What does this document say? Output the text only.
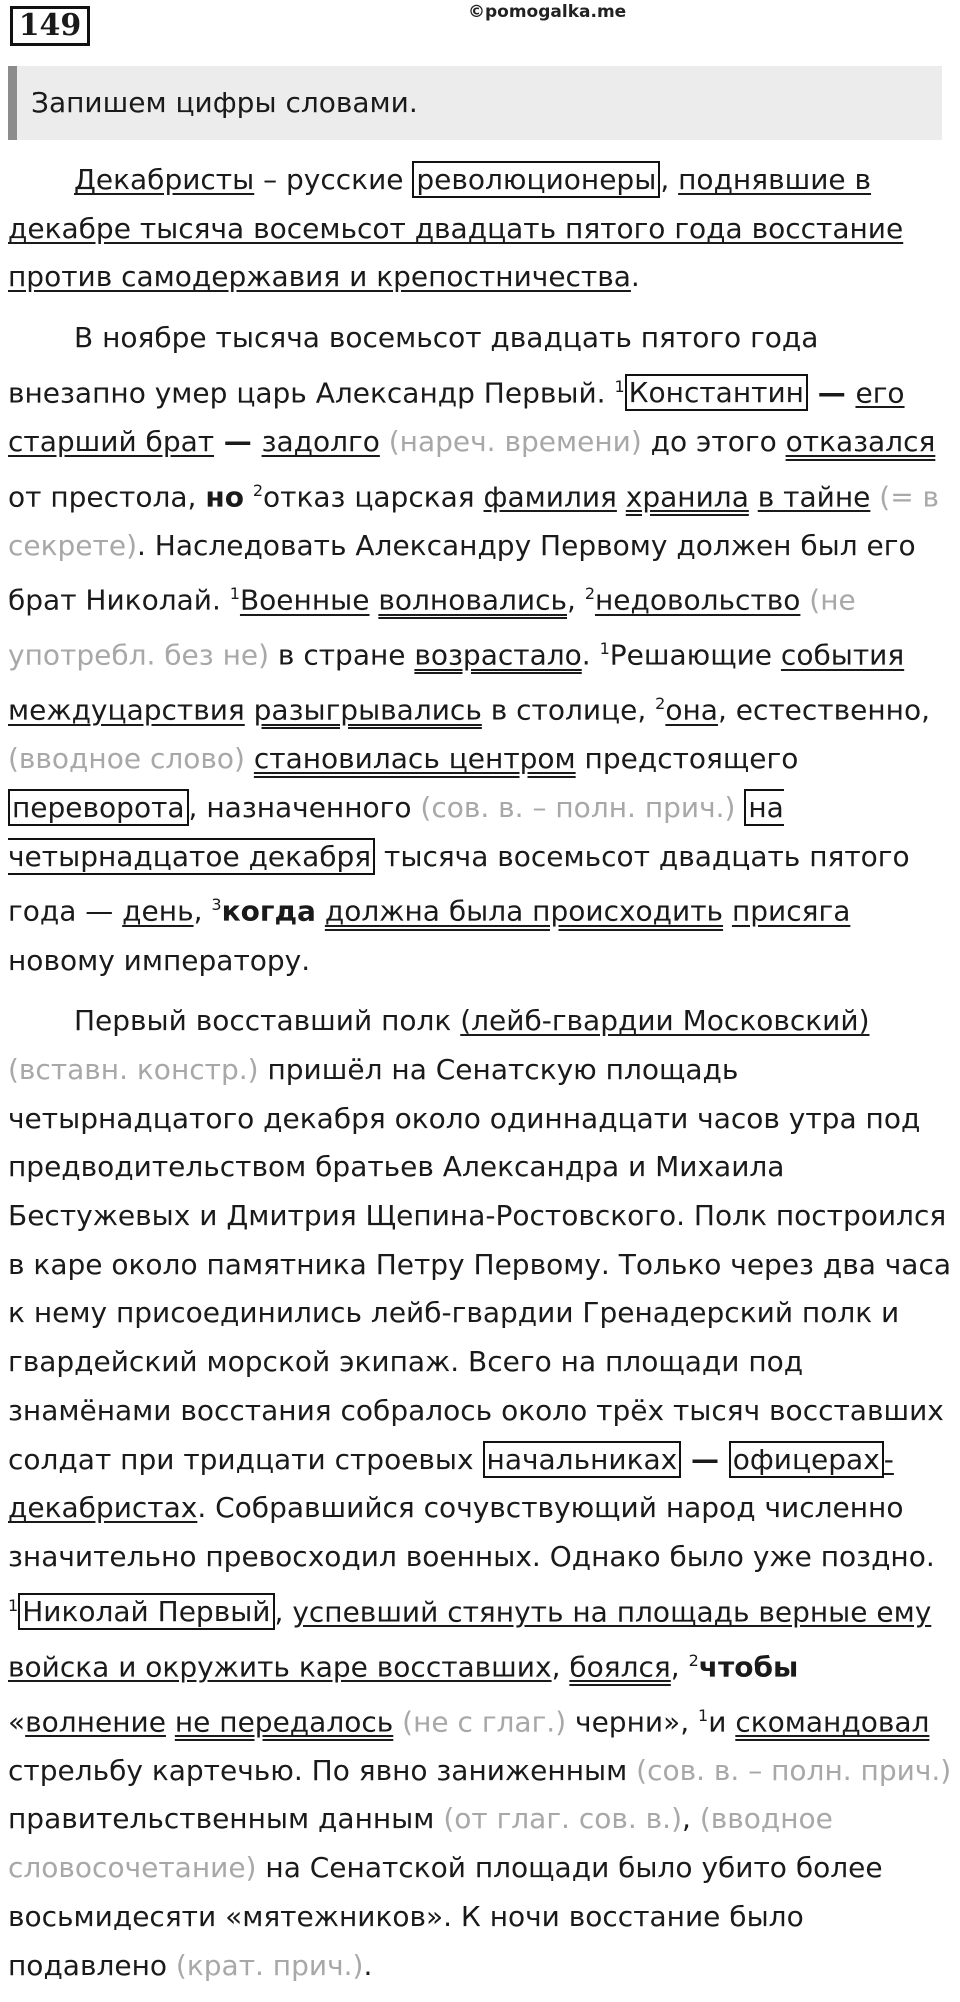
149	©pomogalka.me
Запишем цифры словами.

Декабристы – русские революционеры , поднявшие в декабре тысяча восемьсот двадцать пятого года восстание против самодержавия и крепостничества.

В ноябре тысяча восемьсот двадцать пятого года внезапно умер царь Александр Первый. $^1$ Константин — его старший брат — задолго (нареч. времени) до этого отказался от престола, но $^2$отказ царская фамилия хранила в тайне (= в секрете). Наследовать Александру Первому должен был его брат Николай. $^1$Военные волновались, $^2$недовольство (не употребл. без не) в стране возрастало. $^1$Решающие события междуцарствия разыгрывались в столице, $^2$она, естественно, (вводное слово) становилась центром предстоящего переворота , назначенного (сов. в. – полн. прич.) на четырнадцатое декабря тысяча восемьсот двадцать пятого года — день, $^3$когда должна была происходить присяга новому императору.

Первый восставший полк (лейб-гвардии Московский) (вставн. констр.) пришёл на Сенатскую площадь четырнадцатого декабря около одиннадцати часов утра под предводительством братьев Александра и Михаила Бестужевых и Дмитрия Щепина-Ростовского. Полк построился в каре около памятника Петру Первому. Только через два часа к нему присоединились лейб-гвардии Гренадерский полк и гвардейский морской экипаж. Всего на площади под знамёнами восстания собралось около трёх тысяч восставших солдат при тридцати строевых начальниках — офицерах -декабристах. Собравшийся сочувствующий народ численно значительно превосходил военных. Однако было уже поздно. $^1$ Николай Первый , успевший стянуть на площадь верные ему войска и окружить каре восставших, боялся, $^2$чтобы «волнение не передалось (не с глаг.) черни», $^1$и скомандовал стрельбу картечью. По явно заниженным (сов. в. – полн. прич.) правительственным данным (от глаг. сов. в.), (вводное словосочетание) на Сенатской площади было убито более восьмидесяти «мятежников». К ночи восстание было подавлено (крат. прич.).
